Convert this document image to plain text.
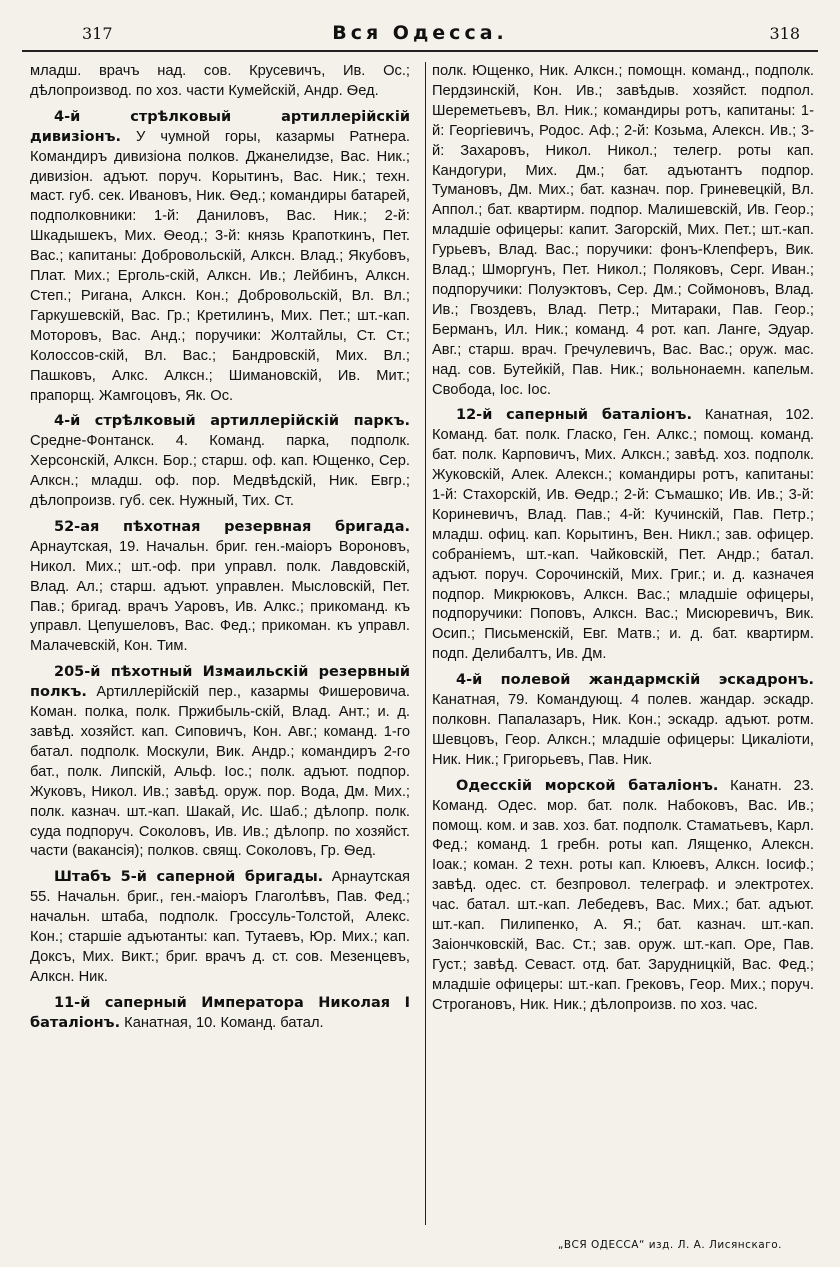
317	Вся Одесса.	318

младш. врачъ над. сов. Крусевичъ, Ив. Ос.; дѣлопроизвод. по хоз. части Кумейскій, Андр. Ѳед.

4-й стрѣлковый артиллерійскій дивизіонъ. У чумной горы, казармы Ратнера. Командиръ дивизіона полков. Джанелидзе, Вас. Ник.; дивизіон. адъют. поруч. Корытинъ, Вас. Ник.; техн. маст. губ. сек. Ивановъ, Ник. Ѳед.; командиры батарей, подполковники: 1-й: Даниловъ, Вас. Ник.; 2-й: Шкадышекъ, Мих. Ѳеод.; 3-й: князь Крапоткинъ, Пет. Вас.; капитаны: Добровольскій, Алксн. Влад.; Якубовъ, Плат. Мих.; Ерголь-скій, Алксн. Ив.; Лейбинъ, Алксн. Степ.; Ригана, Алксн. Кон.; Добровольскій, Вл. Вл.; Гаркушевскій, Вас. Гр.; Кретилинъ, Мих. Пет.; шт.-кап. Моторовъ, Вас. Анд.; поручики: Жолтайлы, Ст. Ст.; Колоссов-скій, Вл. Вас.; Бандровскій, Мих. Вл.; Пашковъ, Алкс. Алксн.; Шимановскій, Ив. Мит.; прапорщ. Жамгоцовъ, Як. Ос.

4-й стрѣлковый артиллерійскій паркъ. Средне-Фонтанск. 4. Команд. парка, подполк. Херсонскій, Алксн. Бор.; старш. оф. кап. Ющенко, Сер. Алксн.; младш. оф. пор. Медвѣдскій, Ник. Евгр.; дѣлопроизв. губ. сек. Нужный, Тих. Ст.

52-ая пѣхотная резервная бригада. Арнаутская, 19. Начальн. бриг. ген.-маіоръ Вороновъ, Никол. Мих.; шт.-оф. при управл. полк. Лавдовскій, Влад. Ал.; старш. адъют. управлен. Мысловскій, Пет. Пав.; бригад. врачъ Уаровъ, Ив. Алкс.; прикоманд. къ управл. Цепушеловъ, Вас. Фед.; прикоман. къ управл. Малачевскій, Кон. Тим.

205-й пѣхотный Измаильскій резервный полкъ. Артиллерійскій пер., казармы Фишеровича. Коман. полка, полк. Пржибыль-скій, Влад. Ант.; и. д. завѣд. хозяйст. кап. Сиповичъ, Кон. Авг.; команд. 1-го батал. подполк. Москули, Вик. Андр.; командиръ 2-го бат., полк. Липскій, Альф. Іос.; полк. адъют. подпор. Жуковъ, Никол. Ив.; завѣд. оруж. пор. Вода, Дм. Мих.; полк. казнач. шт.-кап. Шакай, Ис. Шаб.; дѣлопр. полк. суда подпоруч. Соколовъ, Ив. Ив.; дѣлопр. по хозяйст. части (вакансія); полков. свящ. Соколовъ, Гр. Ѳед.

Штабъ 5-й саперной бригады. Арнаутская 55. Начальн. бриг., ген.-маіоръ Глаголѣвъ, Пав. Фед.; начальн. штаба, подполк. Гроссуль-Толстой, Алекс. Кон.; старшіе адъютанты: кап. Тутаевъ, Юр. Мих.; кап. Доксъ, Мих. Викт.; бриг. врачъ д. ст. сов. Мезенцевъ, Алксн. Ник.

11-й саперный Императора Николая I баталіонъ. Канатная, 10. Команд. батал.

полк. Ющенко, Ник. Алксн.; помощн. команд., подполк. Пердзинскій, Кон. Ив.; завѣдыв. хозяйст. подпол. Шереметьевъ, Вл. Ник.; командиры ротъ, капитаны: 1-й: Георгіевичъ, Родос. Аф.; 2-й: Козьма, Алексн. Ив.; 3-й: Захаровъ, Никол. Никол.; телегр. роты кап. Кандогури, Мих. Дм.; бат. адъютантъ подпор. Тумановъ, Дм. Мих.; бат. казнач. пор. Гриневецкій, Вл. Аппол.; бат. квартирм. подпор. Малишевскій, Ив. Геор.; младшіе офицеры: капит. Загорскій, Мих. Пет.; шт.-кап. Гурьевъ, Влад. Вас.; поручики: фонъ-Клепферъ, Вик. Влад.; Шморгунъ, Пет. Никол.; Поляковъ, Серг. Иван.; подпоручики: Полуэктовъ, Сер. Дм.; Соймоновъ, Влад. Ив.; Гвоздевъ, Влад. Петр.; Митараки, Пав. Геор.; Берманъ, Ил. Ник.; команд. 4 рот. кап. Ланге, Эдуар. Авг.; старш. врач. Гречулевичъ, Вас. Вас.; оруж. мас. над. сов. Бутейкій, Пав. Ник.; вольнонаемн. капельм. Свобода, Іос. Іос.

12-й саперный баталіонъ. Канатная, 102. Команд. бат. полк. Гласко, Ген. Алкс.; помощ. команд. бат. полк. Карповичъ, Мих. Алксн.; завѣд. хоз. подполк. Жуковскій, Алек. Алексн.; командиры ротъ, капитаны: 1-й: Стахорскій, Ив. Ѳедр.; 2-й: Съмашко; Ив. Ив.; 3-й: Кориневичъ, Влад. Пав.; 4-й: Кучинскій, Пав. Петр.; младш. офиц. кап. Корытинъ, Вен. Никл.; зав. офицер. собраніемъ, шт.-кап. Чайковскій, Пет. Андр.; батал. адъют. поруч. Сорочинскій, Мих. Григ.; и. д. казначея подпор. Микрюковъ, Алксн. Вас.; младшіе офицеры, подпоручики: Поповъ, Алксн. Вас.; Мисюревичъ, Вик. Осип.; Письменскій, Евг. Матв.; и. д. бат. квартирм. подп. Делибалтъ, Ив. Дм.

4-й полевой жандармскій эскадронъ. Канатная, 79. Командующ. 4 полев. жандар. эскадр. полковн. Папалазаръ, Ник. Кон.; эскадр. адъют. ротм. Шевцовъ, Геор. Алксн.; младшіе офицеры: Цикаліоти, Ник. Ник.; Григорьевъ, Пав. Ник.

Одесскій морской баталіонъ. Канатн. 23. Команд. Одес. мор. бат. полк. Набоковъ, Вас. Ив.; помощ. ком. и зав. хоз. бат. подполк. Стаматьевъ, Карл. Фед.; команд. 1 гребн. роты кап. Лященко, Алексн. Іоак.; коман. 2 техн. роты кап. Клюевъ, Алксн. Іосиф.; завѣд. одес. ст. безпровол. телеграф. и электротех. час. батал. шт.-кап. Лебедевъ, Вас. Мих.; бат. адъют. шт.-кап. Пилипенко, А. Я.; бат. казнач. шт.-кап. Заіончковскій, Вас. Ст.; зав. оруж. шт.-кап. Оре, Пав. Густ.; завѣд. Севаст. отд. бат. Зарудницкій, Вас. Фед.; младшіе офицеры: шт.-кап. Грековъ, Геор. Мих.; поруч. Строгановъ, Ник. Ник.; дѣлопроизв. по хоз. час.

„ВСЯ ОДЕССА“ изд. Л. А. Лисянскаго.
